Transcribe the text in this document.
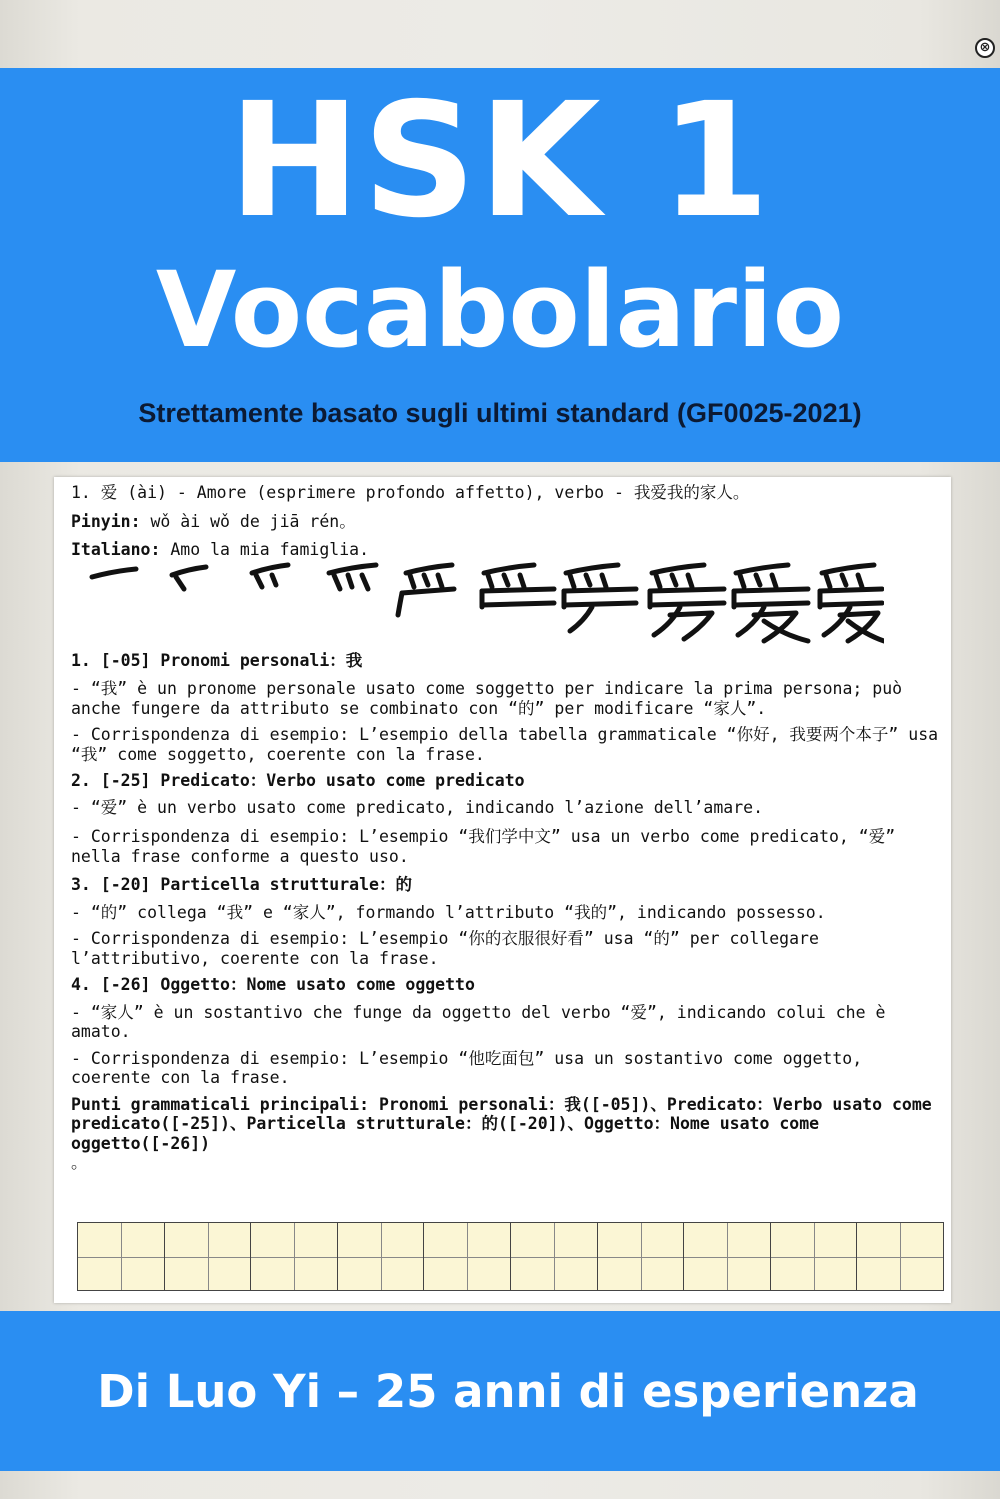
⊗
HSK 1
Vocabolario
Strettamente basato sugli ultimi standard (GF0025-2021)

1. 爱 (ài) - Amore (esprimere profondo affetto), verbo - 我爱我的家人。

Pinyin: wǒ ài wǒ de jiā rén。

Italiano: Amo la mia famiglia.

1. [-05] Pronomi personali：我

- “我” è un pronome personale usato come soggetto per indicare la prima persona; può anche fungere da attributo se combinato con “的” per modificare “家人”.

- Corrispondenza di esempio: L’esempio della tabella grammaticale “你好, 我要两个本子” usa “我” come soggetto, coerente con la frase.

2. [-25] Predicato：Verbo usato come predicato

- “爱” è un verbo usato come predicato, indicando l’azione dell’amare.

- Corrispondenza di esempio: L’esempio “我们学中文” usa un verbo come predicato, “爱” nella frase conforme a questo uso.

3. [-20] Particella strutturale：的

- “的” collega “我” e “家人”, formando l’attributo “我的”, indicando possesso.

- Corrispondenza di esempio: L’esempio “你的衣服很好看” usa “的” per collegare l’attributivo, coerente con la frase.

4. [-26] Oggetto：Nome usato come oggetto

- “家人” è un sostantivo che funge da oggetto del verbo “爱”, indicando colui che è amato.

- Corrispondenza di esempio: L’esempio “他吃面包” usa un sostantivo come oggetto, coerente con la frase.

Punti grammaticali principali: Pronomi personali：我([-05])、Predicato：Verbo usato come predicato([-25])、Particella strutturale：的([-20])、Oggetto：Nome usato come oggetto([-26])

。

Di Luo Yi – 25 anni di esperienza
